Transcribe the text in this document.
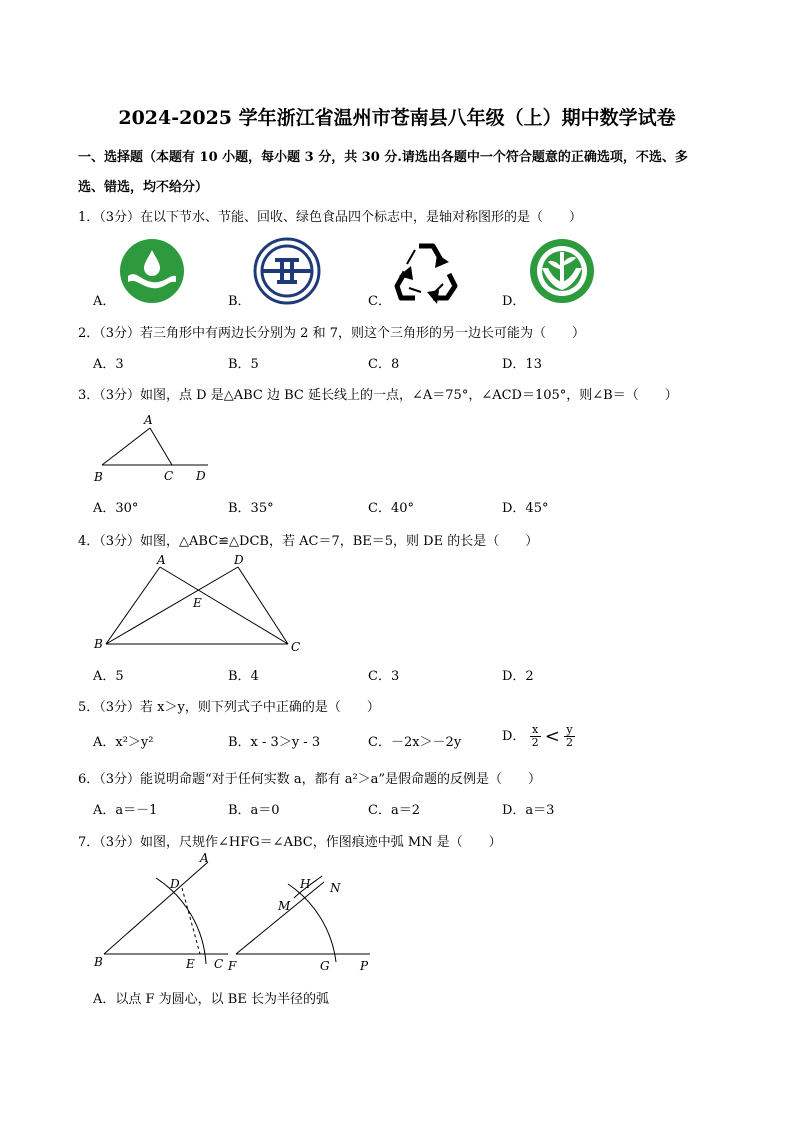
2024-2025 学年浙江省温州市苍南县八年级（上）期中数学试卷
一、选择题（本题有 10 小题，每小题 3 分，共 30 分.请选出各题中一个符合题意的正确选项，不选、多
选、错选，均不给分）
1．（3分）在以下节水、节能、回收、绿色食品四个标志中，是轴对称图形的是（　　）
A．	B．	C．	D．
2．（3分）若三角形中有两边长分别为 2 和 7，则这个三角形的另一边长可能为（　　）
A．3	B．5	C．8	D．13
3．（3分）如图，点 D 是△ABC 边 BC 延长线上的一点，∠A＝75°，∠ACD＝105°，则∠B＝（　　）
A
B	C D
A．30°	B．35°	C．40°	D．45°
4．（3分）如图，△ABC≌△DCB，若 AC＝7，BE＝5，则 DE 的长是（　　）
A	D
E
B	C
A．5	B．4	C．3	D．2
5．（3分）若 x＞y，则下列式子中正确的是（　　）
A．x²＞y²	B．x - 3＞y - 3	C．－2x＞－2y	D． $\frac{x}{2} < \frac{y}{2}$
6．（3分）能说明命题“对于任何实数 a，都有 a²＞a”是假命题的反例是（　　）
A．a＝－1	B．a＝0	C．a＝2	D．a＝3
7．（3分）如图，尺规作∠HFG＝∠ABC，作图痕迹中弧 MN 是（　　）
A
D
B	E C
H N
M
F	G	P
A．以点 F 为圆心，以 BE 长为半径的弧
